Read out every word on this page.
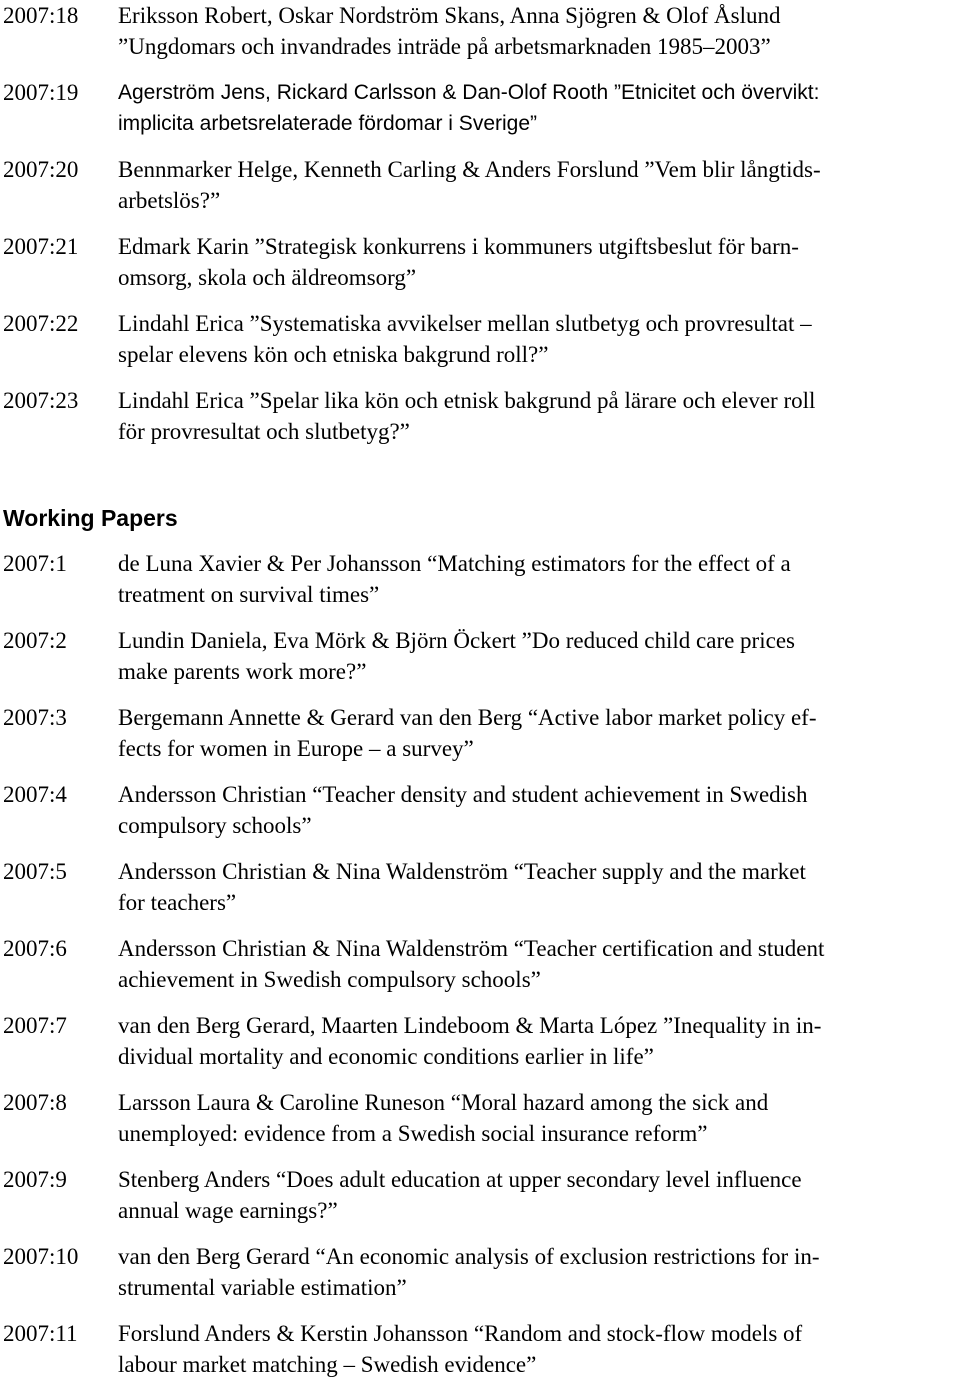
2007:18	Eriksson Robert, Oskar Nordström Skans, Anna Sjögren & Olof Åslund
”Ungdomars och invandrades inträde på arbetsmarknaden 1985–2003”
2007:19	Agerström Jens, Rickard Carlsson & Dan-Olof Rooth ”Etnicitet och övervikt:
implicita arbetsrelaterade fördomar i Sverige”
2007:20	Bennmarker Helge, Kenneth Carling & Anders Forslund ”Vem blir långtids-
arbetslös?”
2007:21	Edmark Karin ”Strategisk konkurrens i kommuners utgiftsbeslut för barn-
omsorg, skola och äldreomsorg”
2007:22	Lindahl Erica ”Systematiska avvikelser mellan slutbetyg och provresultat –
spelar elevens kön och etniska bakgrund roll?”
2007:23	Lindahl Erica ”Spelar lika kön och etnisk bakgrund på lärare och elever roll
för provresultat och slutbetyg?”
Working Papers
2007:1	de Luna Xavier & Per Johansson “Matching estimators for the effect of a
treatment on survival times”
2007:2	Lundin Daniela, Eva Mörk & Björn Öckert ”Do reduced child care prices
make parents work more?”
2007:3	Bergemann Annette & Gerard van den Berg “Active labor market policy ef-
fects for women in Europe – a survey”
2007:4	Andersson Christian “Teacher density and student achievement in Swedish
compulsory schools”
2007:5	Andersson Christian & Nina Waldenström “Teacher supply and the market
for teachers”
2007:6	Andersson Christian & Nina Waldenström “Teacher certification and student
achievement in Swedish compulsory schools”
2007:7	van den Berg Gerard, Maarten Lindeboom & Marta López ”Inequality in in-
dividual mortality and economic conditions earlier in life”
2007:8	Larsson Laura & Caroline Runeson “Moral hazard among the sick and
unemployed: evidence from a Swedish social insurance reform”
2007:9	Stenberg Anders “Does adult education at upper secondary level influence
annual wage earnings?”
2007:10	van den Berg Gerard “An economic analysis of exclusion restrictions for in-
strumental variable estimation”
2007:11	Forslund Anders & Kerstin Johansson “Random and stock-flow models of
labour market matching – Swedish evidence”
